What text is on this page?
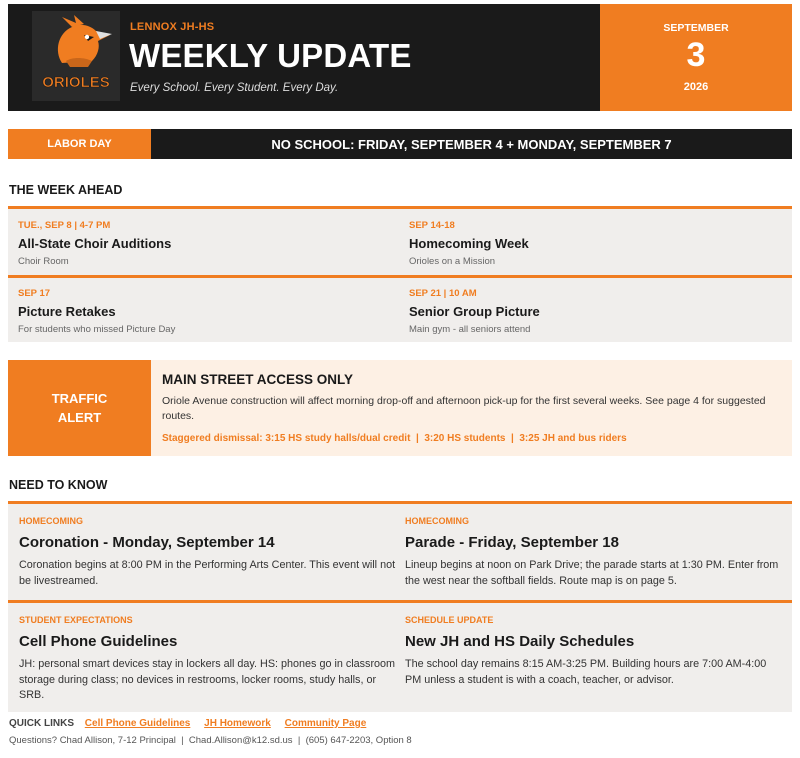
ORIOLES
LENNOX JH-HS
WEEKLY UPDATE
Every School. Every Student. Every Day.
SEPTEMBER
3
2026
LABOR DAY	NO SCHOOL: FRIDAY, SEPTEMBER 4 + MONDAY, SEPTEMBER 7
THE WEEK AHEAD
TUE., SEP 8 | 4-7 PM
All-State Choir Auditions
Choir Room
SEP 14-18
Homecoming Week
Orioles on a Mission
SEP 17
Picture Retakes
For students who missed Picture Day
SEP 21 | 10 AM
Senior Group Picture
Main gym - all seniors attend
TRAFFIC
ALERT
MAIN STREET ACCESS ONLY
Oriole Avenue construction will affect morning drop-off and afternoon pick-up for the first several weeks. See page 4 for suggested routes.
Staggered dismissal: 3:15 HS study halls/dual credit  |  3:20 HS students  |  3:25 JH and bus riders
NEED TO KNOW
HOMECOMING
Coronation - Monday, September 14
Coronation begins at 8:00 PM in the Performing Arts Center. This event will not be livestreamed.
HOMECOMING
Parade - Friday, September 18
Lineup begins at noon on Park Drive; the parade starts at 1:30 PM. Enter from the west near the softball fields. Route map is on page 5.
STUDENT EXPECTATIONS
Cell Phone Guidelines
JH: personal smart devices stay in lockers all day. HS: phones go in classroom storage during class; no devices in restrooms, locker rooms, study halls, or SRB.
SCHEDULE UPDATE
New JH and HS Daily Schedules
The school day remains 8:15 AM-3:25 PM. Building hours are 7:00 AM-4:00 PM unless a student is with a coach, teacher, or advisor.
QUICK LINKS Cell Phone Guidelines JH Homework Community Page
Questions? Chad Allison, 7-12 Principal  |  Chad.Allison@k12.sd.us  |  (605) 647-2203, Option 8
